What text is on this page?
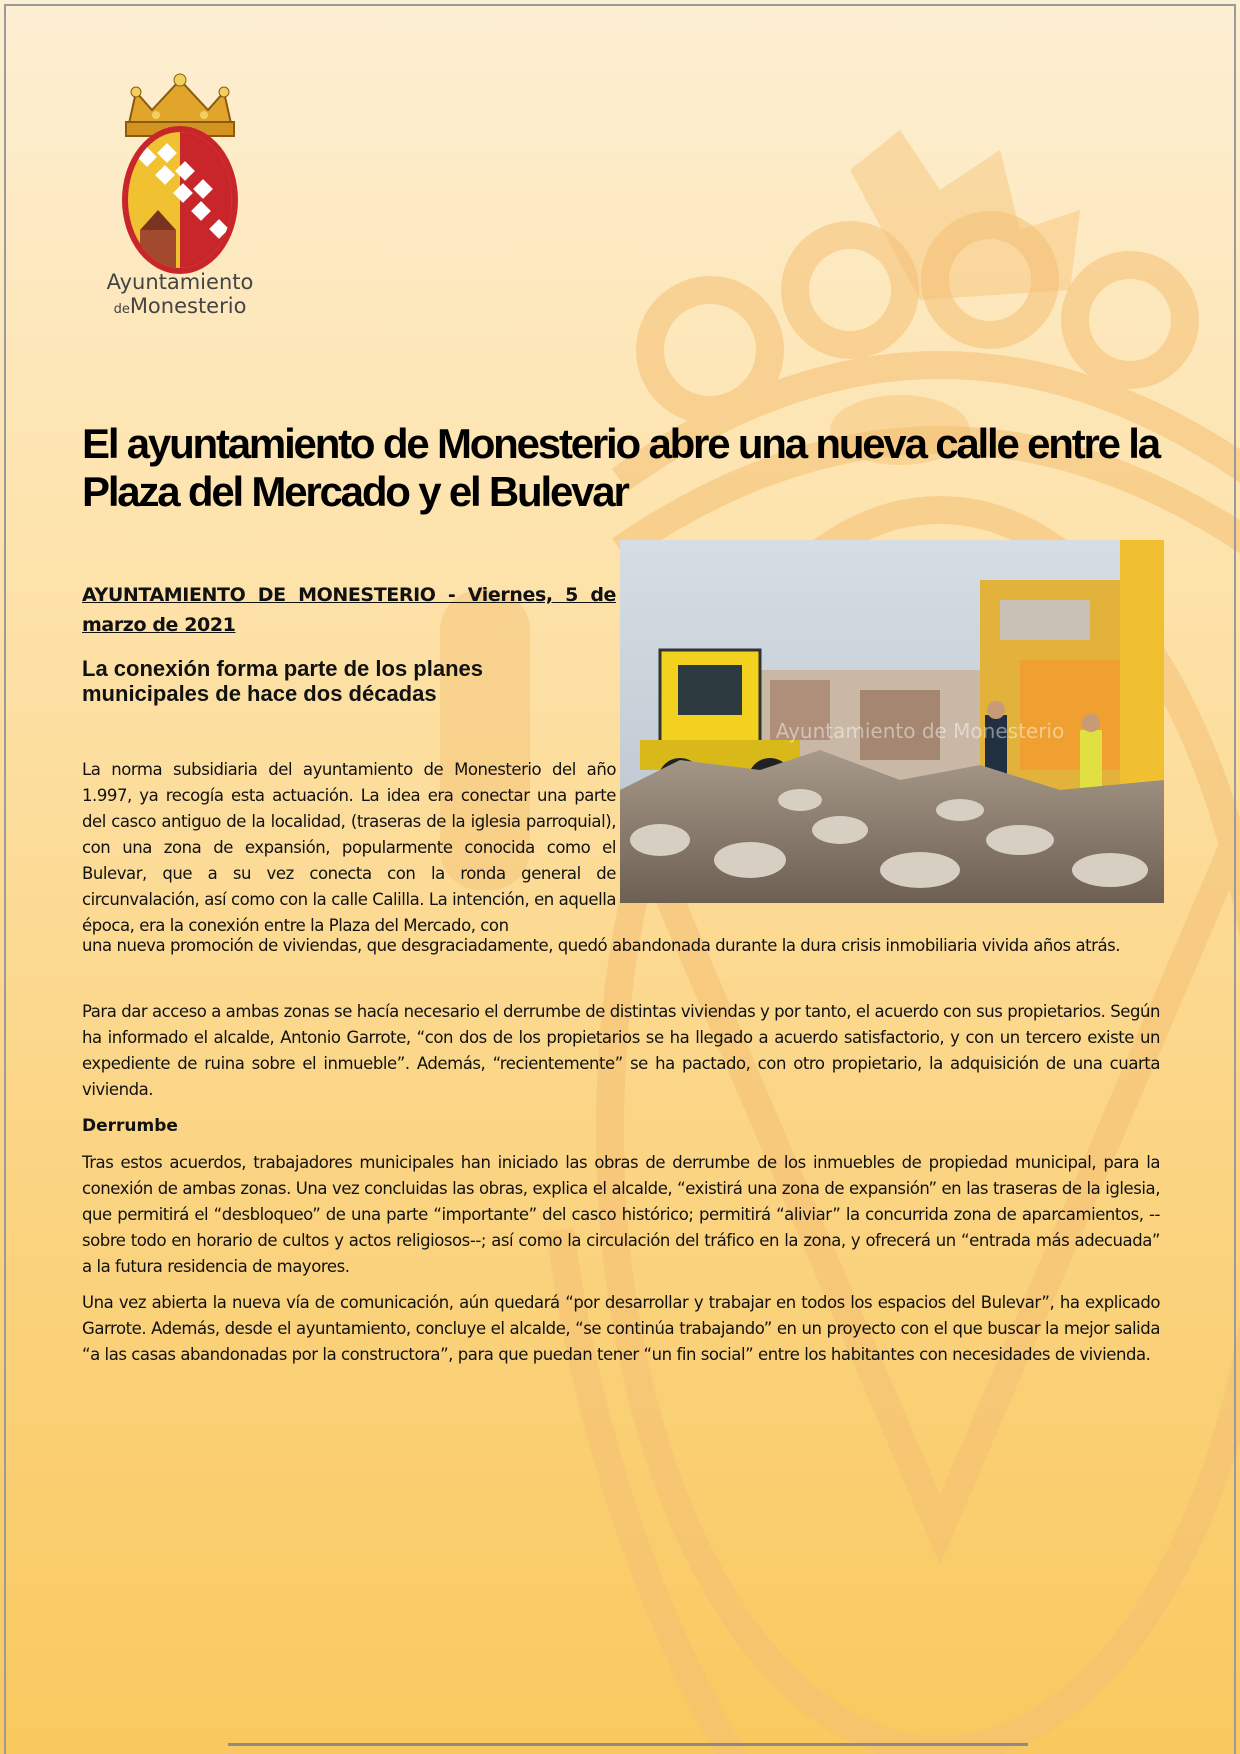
Ayuntamiento
deMonesterio
El ayuntamiento de Monesterio abre una nueva calle entre la Plaza del Mercado y el Bulevar
Ayuntamiento de Monesterio

AYUNTAMIENTO DE MONESTERIO - Viernes, 5 de marzo de 2021

La conexión forma parte de los planes municipales de hace dos décadas

La norma subsidiaria del ayuntamiento de Monesterio del año 1.997, ya recogía esta actuación. La idea era conectar una parte del casco antiguo de la localidad, (traseras de la iglesia parroquial), con una zona de expansión, popularmente conocida como el Bulevar, que a su vez conecta con la ronda general de circunvalación, así como con la calle Calilla. La intención, en aquella época, era la conexión entre la Plaza del Mercado, con

una nueva promoción de viviendas, que desgraciadamente, quedó abandonada durante la dura crisis inmobiliaria vivida años atrás.

Para dar acceso a ambas zonas se hacía necesario el derrumbe de distintas viviendas y por tanto, el acuerdo con sus propietarios. Según ha informado el alcalde, Antonio Garrote, “con dos de los propietarios se ha llegado a acuerdo satisfactorio, y con un tercero existe un expediente de ruina sobre el inmueble”. Además, “recientemente” se ha pactado, con otro propietario, la adquisición de una cuarta vivienda.

Derrumbe

Tras estos acuerdos, trabajadores municipales han iniciado las obras de derrumbe de los inmuebles de propiedad municipal, para la conexión de ambas zonas. Una vez concluidas las obras, explica el alcalde, “existirá una zona de expansión” en las traseras de la iglesia, que permitirá el “desbloqueo” de una parte “importante” del casco histórico; permitirá “aliviar” la concurrida zona de aparcamientos, --sobre todo en horario de cultos y actos religiosos--; así como la circulación del tráfico en la zona, y ofrecerá un “entrada más adecuada” a la futura residencia de mayores.

Una vez abierta la nueva vía de comunicación, aún quedará “por desarrollar y trabajar en todos los espacios del Bulevar”, ha explicado Garrote. Además, desde el ayuntamiento, concluye el alcalde, “se continúa trabajando” en un proyecto con el que buscar la mejor salida “a las casas abandonadas por la constructora”, para que puedan tener “un fin social” entre los habitantes con necesidades de vivienda.
